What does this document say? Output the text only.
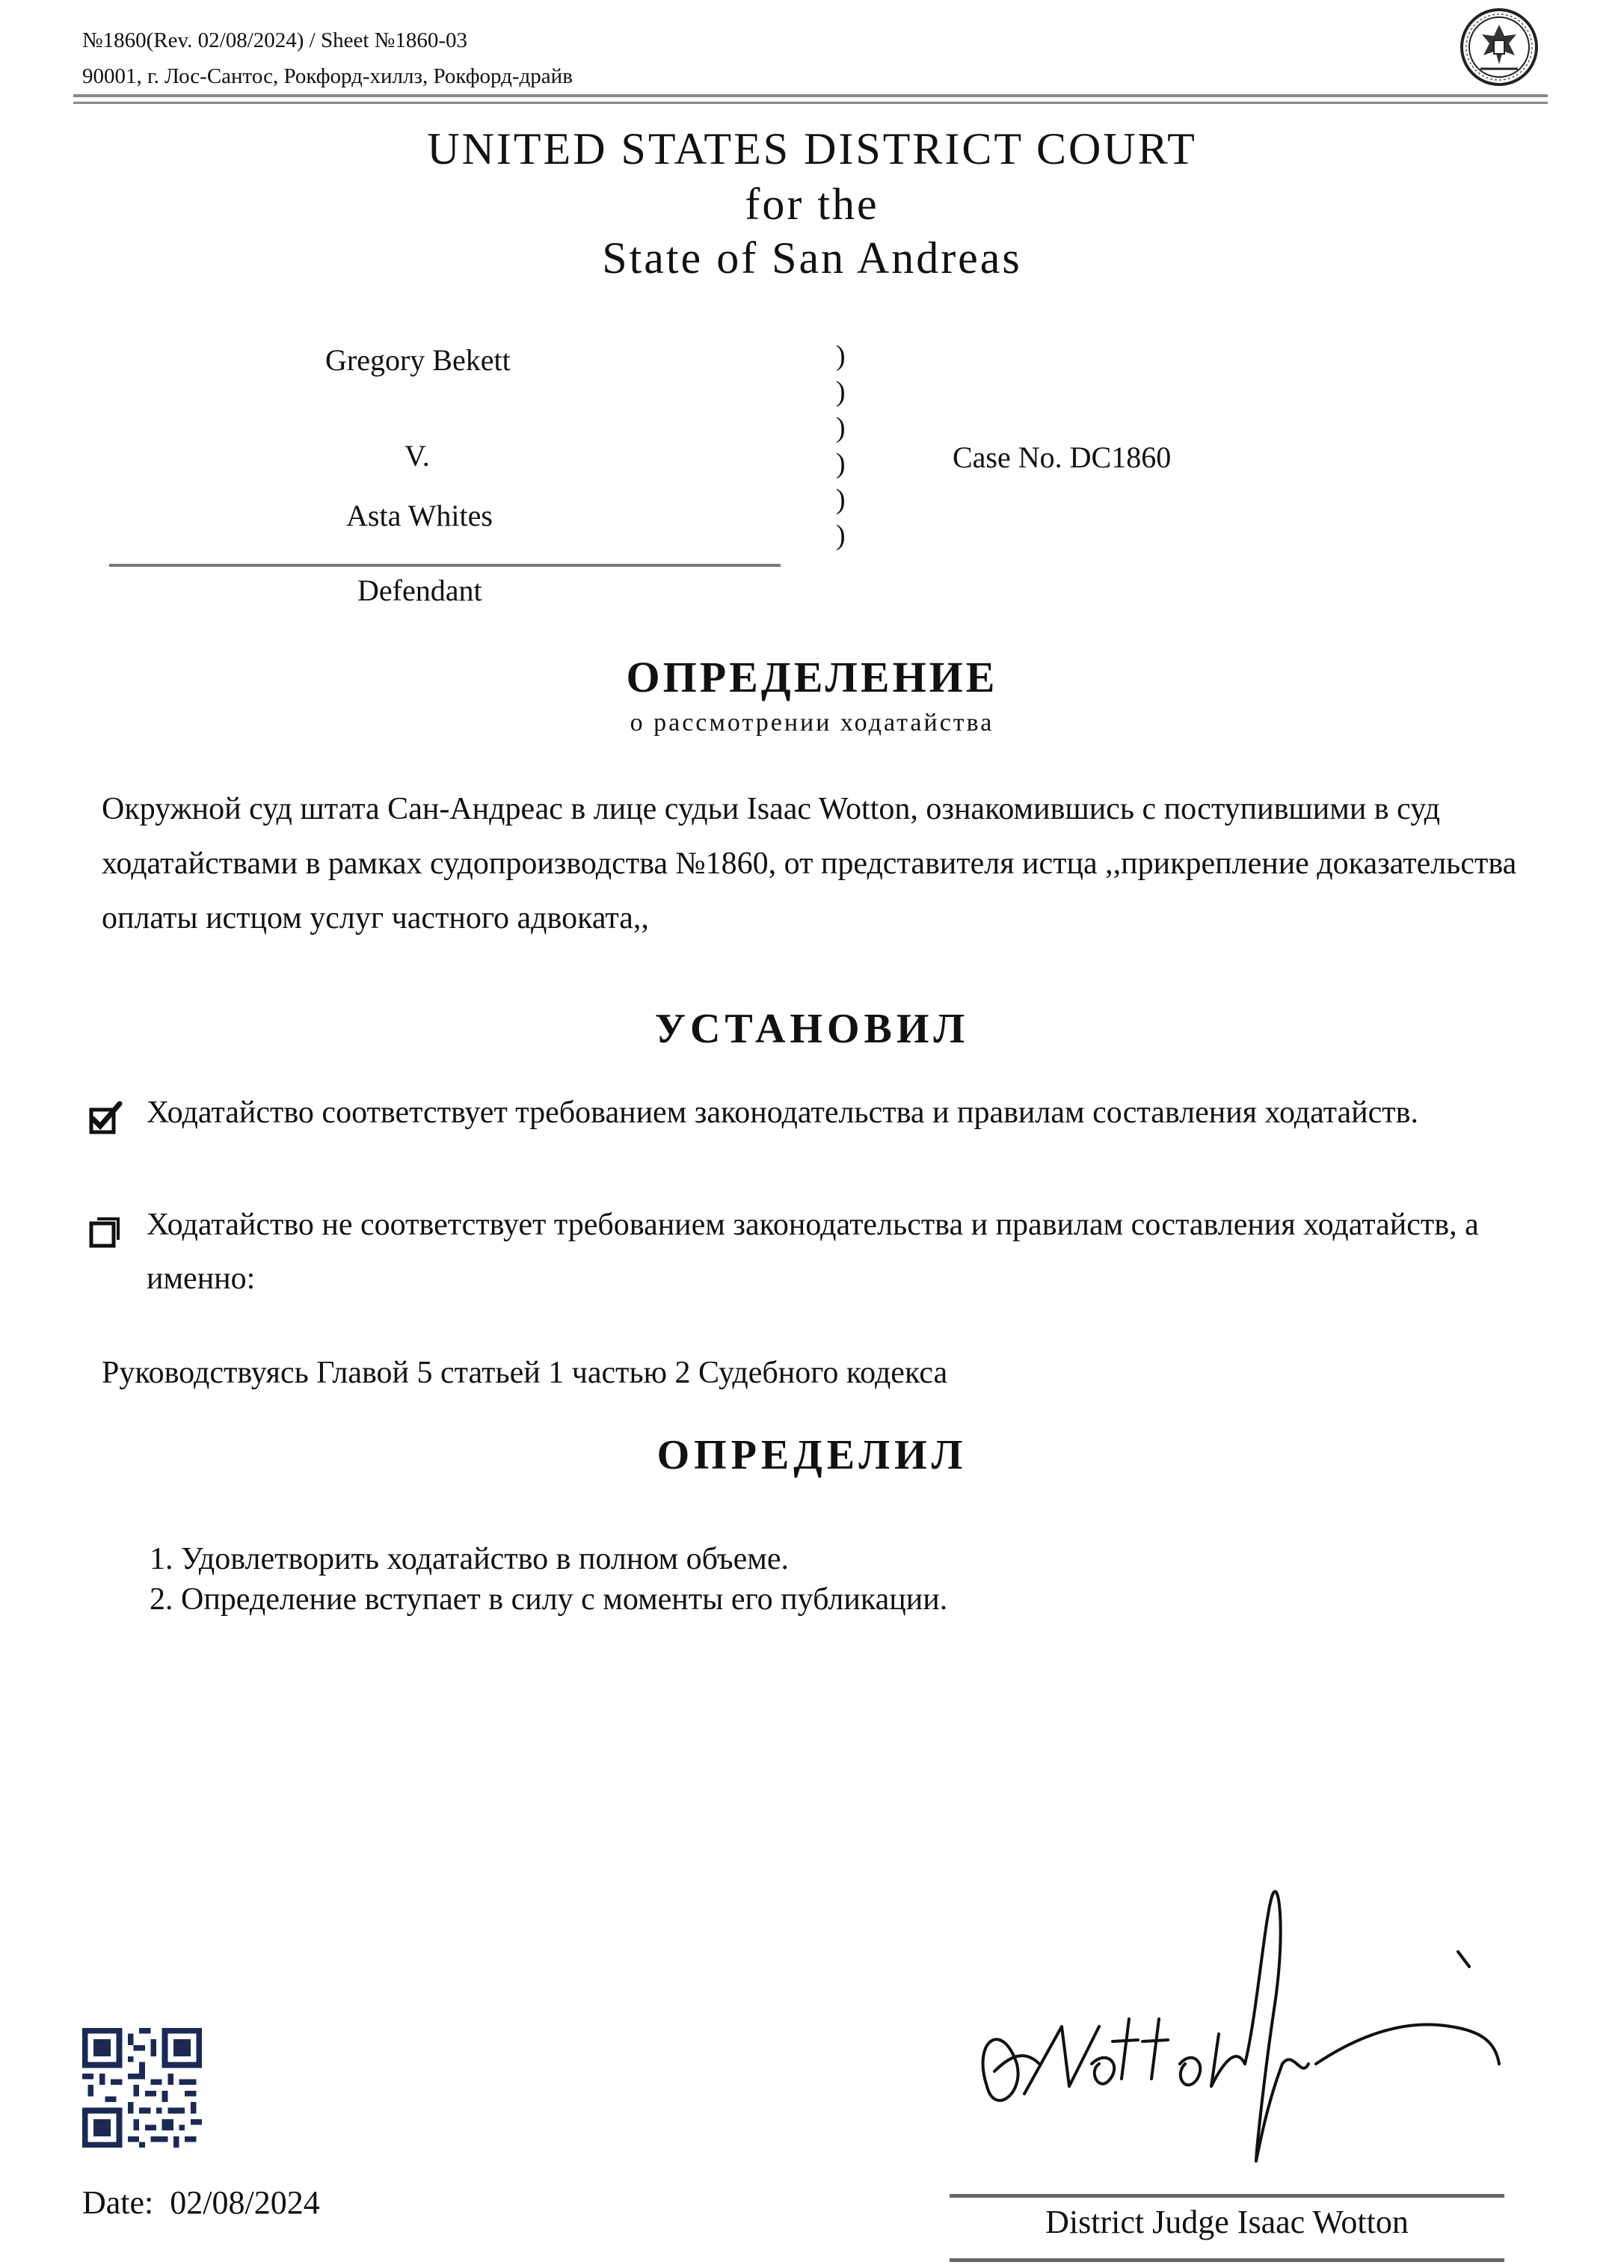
№1860(Rev. 02/08/2024) / Sheet №1860-03
90001, г. Лос-Сантос, Рокфорд-хиллз, Рокфорд-драйв
UNITED STATES DISTRICT COURT
for the
State of San Andreas
Gregory Bekett
V.
Asta Whites
Defendant
)
)
)
)
)
)
Case No. DC1860
ОПРЕДЕЛЕНИЕ
о рассмотрении ходатайства
Окружной суд штата Сан-Андреас в лице судьи Isaac Wotton, ознакомившись с поступившими в суд ходатайствами в рамках судопроизводства №1860, от представителя истца ,,прикрепление доказательства оплаты истцом услуг частного адвоката,,
УСТАНОВИЛ
Ходатайство соответствует требованием законодательства и правилам составления ходатайств.
Ходатайство не соответствует требованием законодательства и правилам составления ходатайств, а именно:
Руководствуясь Главой 5 статьей 1 частью 2 Судебного кодекса
ОПРЕДЕЛИЛ
1. Удовлетворить ходатайство в полном объеме.
2. Определение вступает в силу с моменты его публикации.
Date: 02/08/2024
District Judge Isaac Wotton
